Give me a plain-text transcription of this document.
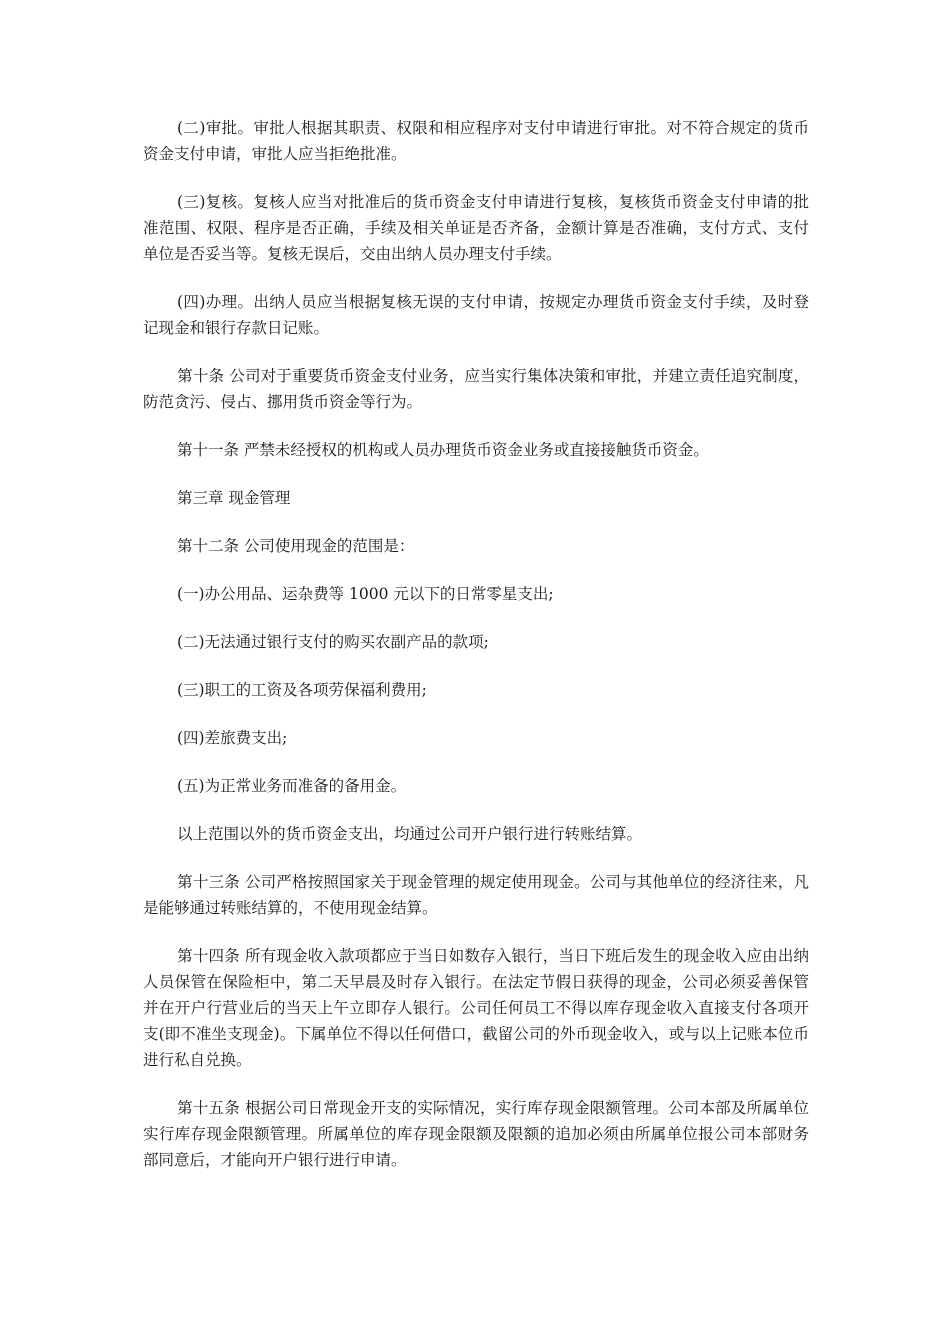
(二)审批。审批人根据其职责、权限和相应程序对支付申请进行审批。对不符合规定的货币资金支付申请，审批人应当拒绝批准。

(三)复核。复核人应当对批准后的货币资金支付申请进行复核，复核货币资金支付申请的批准范围、权限、程序是否正确，手续及相关单证是否齐备，金额计算是否准确，支付方式、支付单位是否妥当等。复核无误后，交由出纳人员办理支付手续。

(四)办理。出纳人员应当根据复核无误的支付申请，按规定办理货币资金支付手续，及时登记现金和银行存款日记账。

第十条 公司对于重要货币资金支付业务，应当实行集体决策和审批，并建立责任追究制度，防范贪污、侵占、挪用货币资金等行为。

第十一条 严禁未经授权的机构或人员办理货币资金业务或直接接触货币资金。

第三章 现金管理

第十二条 公司使用现金的范围是：

(一)办公用品、运杂费等 1000 元以下的日常零星支出;

(二)无法通过银行支付的购买农副产品的款项;

(三)职工的工资及各项劳保福利费用;

(四)差旅费支出;

(五)为正常业务而准备的备用金。

以上范围以外的货币资金支出，均通过公司开户银行进行转账结算。

第十三条 公司严格按照国家关于现金管理的规定使用现金。公司与其他单位的经济往来，凡是能够通过转账结算的，不使用现金结算。

第十四条 所有现金收入款项都应于当日如数存入银行，当日下班后发生的现金收入应由出纳人员保管在保险柜中，第二天早晨及时存入银行。在法定节假日获得的现金，公司必须妥善保管并在开户行营业后的当天上午立即存人银行。公司任何员工不得以库存现金收入直接支付各项开支(即不准坐支现金)。下属单位不得以任何借口，截留公司的外币现金收入，或与以上记账本位币进行私自兑换。

第十五条 根据公司日常现金开支的实际情况，实行库存现金限额管理。公司本部及所属单位实行库存现金限额管理。所属单位的库存现金限额及限额的追加必须由所属单位报公司本部财务部同意后，才能向开户银行进行申请。
